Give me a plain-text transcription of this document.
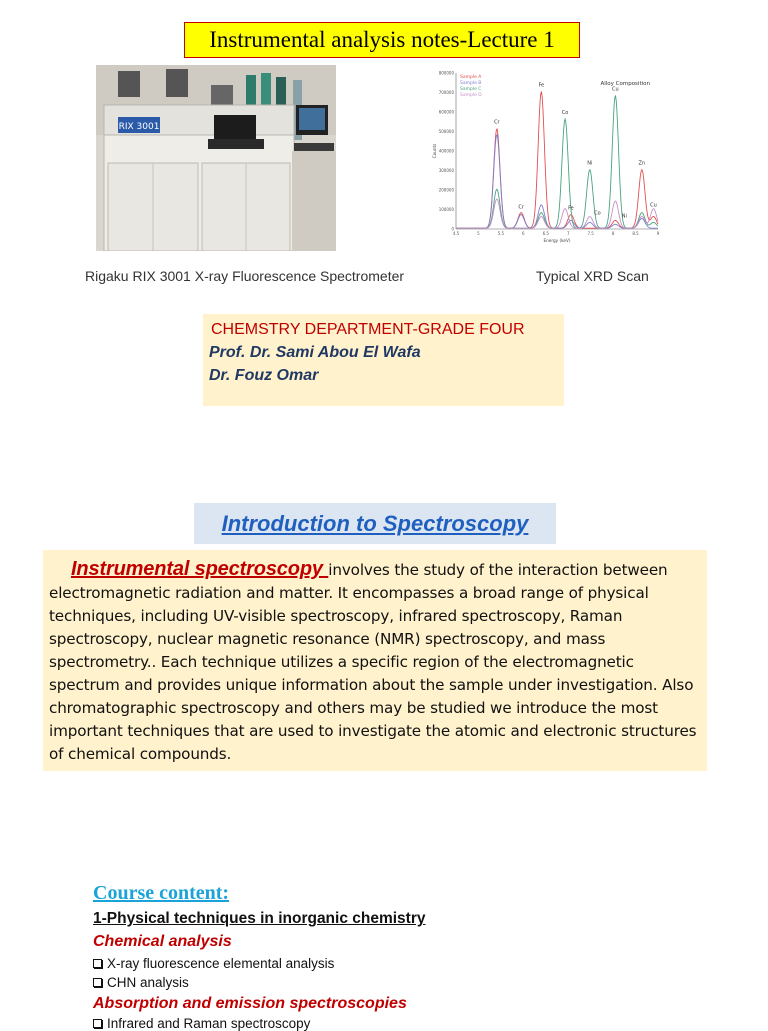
Instrumental analysis notes-Lecture 1
RIX 3001
0
100000
200000
300000
400000
500000
600000
700000
800000
4.5	5	5.5	6	6.5	7	7.5	8	8.5	9
Energy (keV)
Counts
Alloy Composition
Sample A
Sample B
Sample C
Sample D
Cr
Fe
Co
Ni
Cu
Zn
Cr	Fe
Co	Ni
Cu
Rigaku RIX 3001 X-ray Fluorescence Spectrometer	Typical XRD Scan
CHEMSTRY DEPARTMENT-GRADE FOUR
Prof. Dr. Sami Abou El Wafa
Dr. Fouz Omar
Introduction to Spectroscopy

Instrumental spectroscopy involves the study of the interaction between electromagnetic radiation and matter. It encompasses a broad range of physical techniques, including UV-visible spectroscopy, infrared spectroscopy, Raman spectroscopy, nuclear magnetic resonance (NMR) spectroscopy, and mass spectrometry.. Each technique utilizes a specific region of the electromagnetic spectrum and provides unique information about the sample under investigation. Also chromatographic spectroscopy and others may be studied we introduce the most important techniques that are used to investigate the atomic and electronic structures of chemical compounds.

Course content:
1-Physical techniques in inorganic chemistry
Chemical analysis
X-ray fluorescence elemental analysis
CHN analysis
Absorption and emission spectroscopies
Infrared and Raman spectroscopy
